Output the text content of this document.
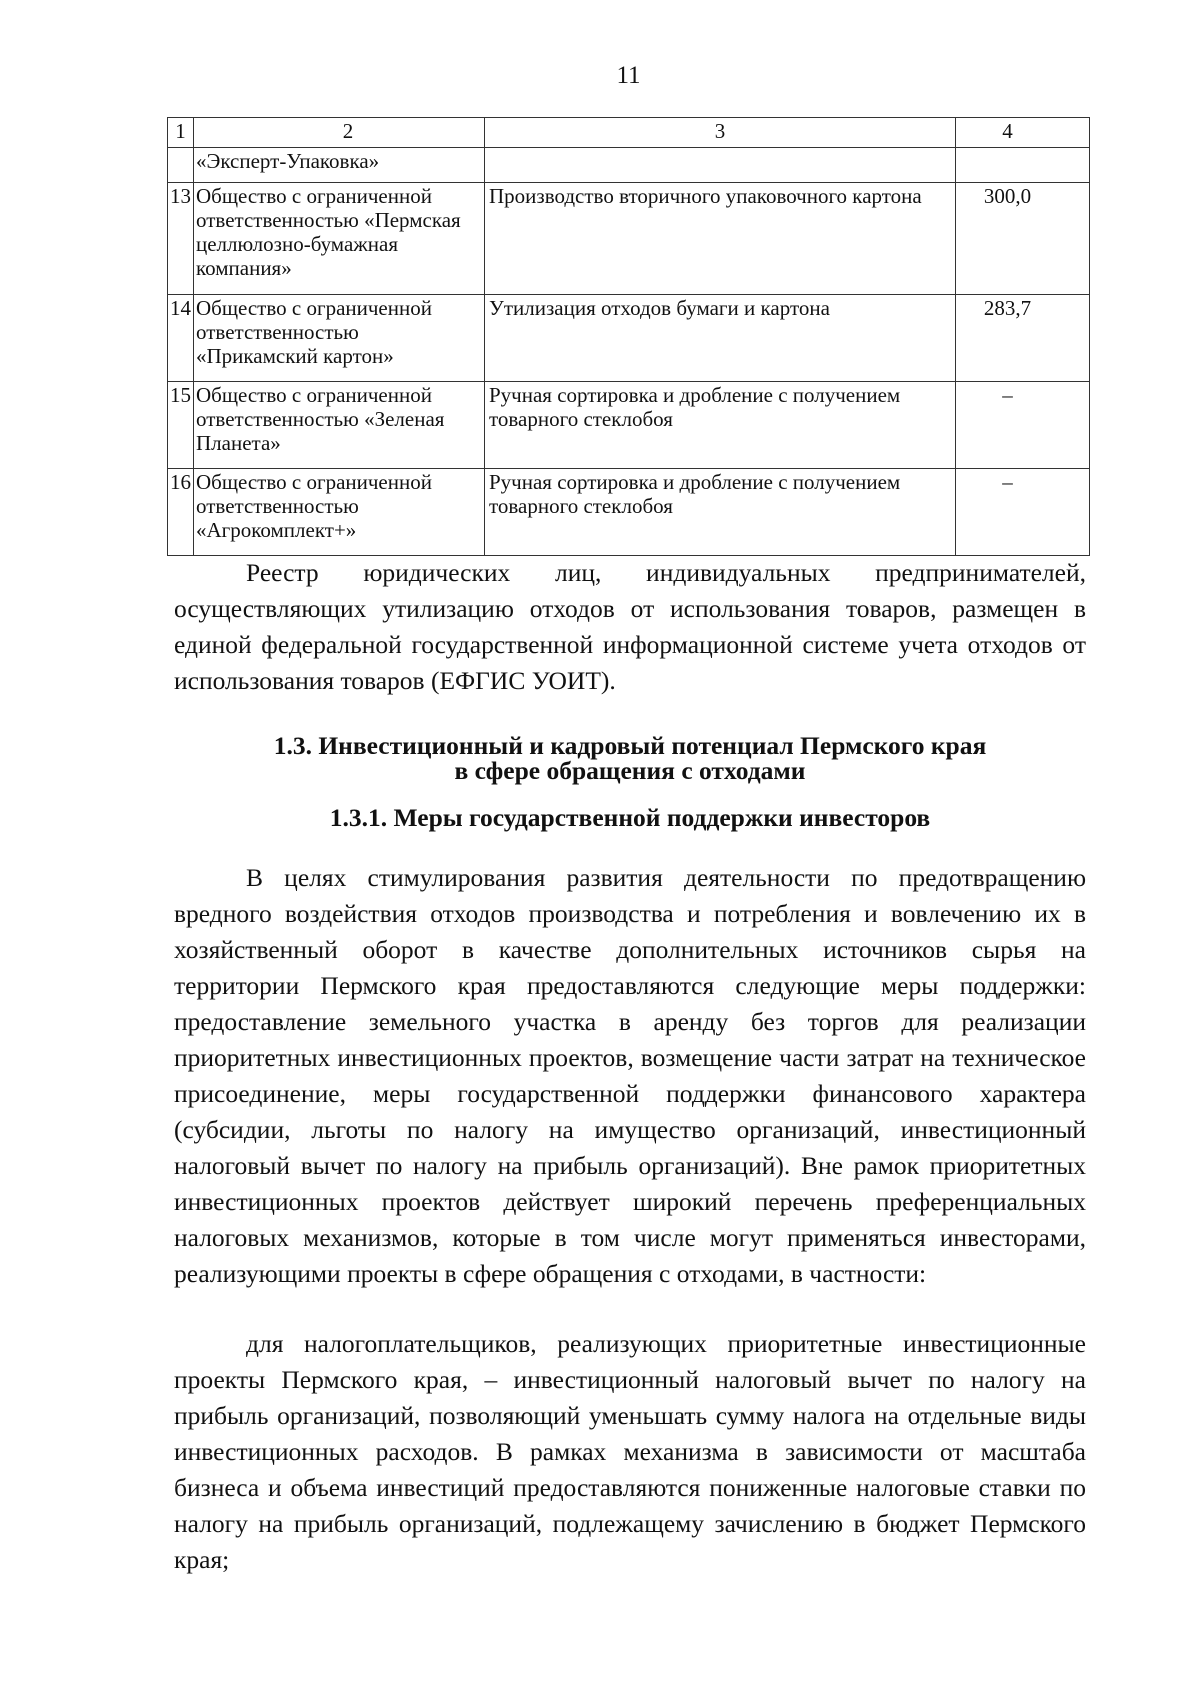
11
1	2	3	4
	«Эксперт-Упаковка»		
13	Общество с ограниченной ответственностью «Пермская целлюлозно-бумажная компания»	Производство вторичного упаковочного картона	300,0
14	Общество с ограниченной ответственностью «Прикамский картон»	Утилизация отходов бумаги и картона	283,7
15	Общество с ограниченной ответственностью «Зеленая Планета»	Ручная сортировка и дробление с получением товарного стеклобоя	–
16	Общество с ограниченной ответственностью «Агрокомплект+»	Ручная сортировка и дробление с получением товарного стеклобоя	–

Реестр юридических лиц, индивидуальных предпринимателей, осуществляющих утилизацию отходов от использования товаров, размещен в единой федеральной государственной информационной системе учета отходов от использования товаров (ЕФГИС УОИТ).

1.3. Инвестиционный и кадровый потенциал Пермского края
в сфере обращения с отходами
1.3.1. Меры государственной поддержки инвесторов

В целях стимулирования развития деятельности по предотвращению вредного воздействия отходов производства и потребления и вовлечению их в хозяйственный оборот в качестве дополнительных источников сырья на территории Пермского края предоставляются следующие меры поддержки: предоставление земельного участка в аренду без торгов для реализации приоритетных инвестиционных проектов, возмещение части затрат на техническое присоединение, меры государственной поддержки финансового характера (субсидии, льготы по налогу на имущество организаций, инвестиционный налоговый вычет по налогу на прибыль организаций). Вне рамок приоритетных инвестиционных проектов действует широкий перечень преференциальных налоговых механизмов, которые в том числе могут применяться инвесторами, реализующими проекты в сфере обращения с отходами, в частности:

для налогоплательщиков, реализующих приоритетные инвестиционные проекты Пермского края, – инвестиционный налоговый вычет по налогу на прибыль организаций, позволяющий уменьшать сумму налога на отдельные виды инвестиционных расходов. В рамках механизма в зависимости от масштаба бизнеса и объема инвестиций предоставляются пониженные налоговые ставки по налогу на прибыль организаций, подлежащему зачислению в бюджет Пермского края;
